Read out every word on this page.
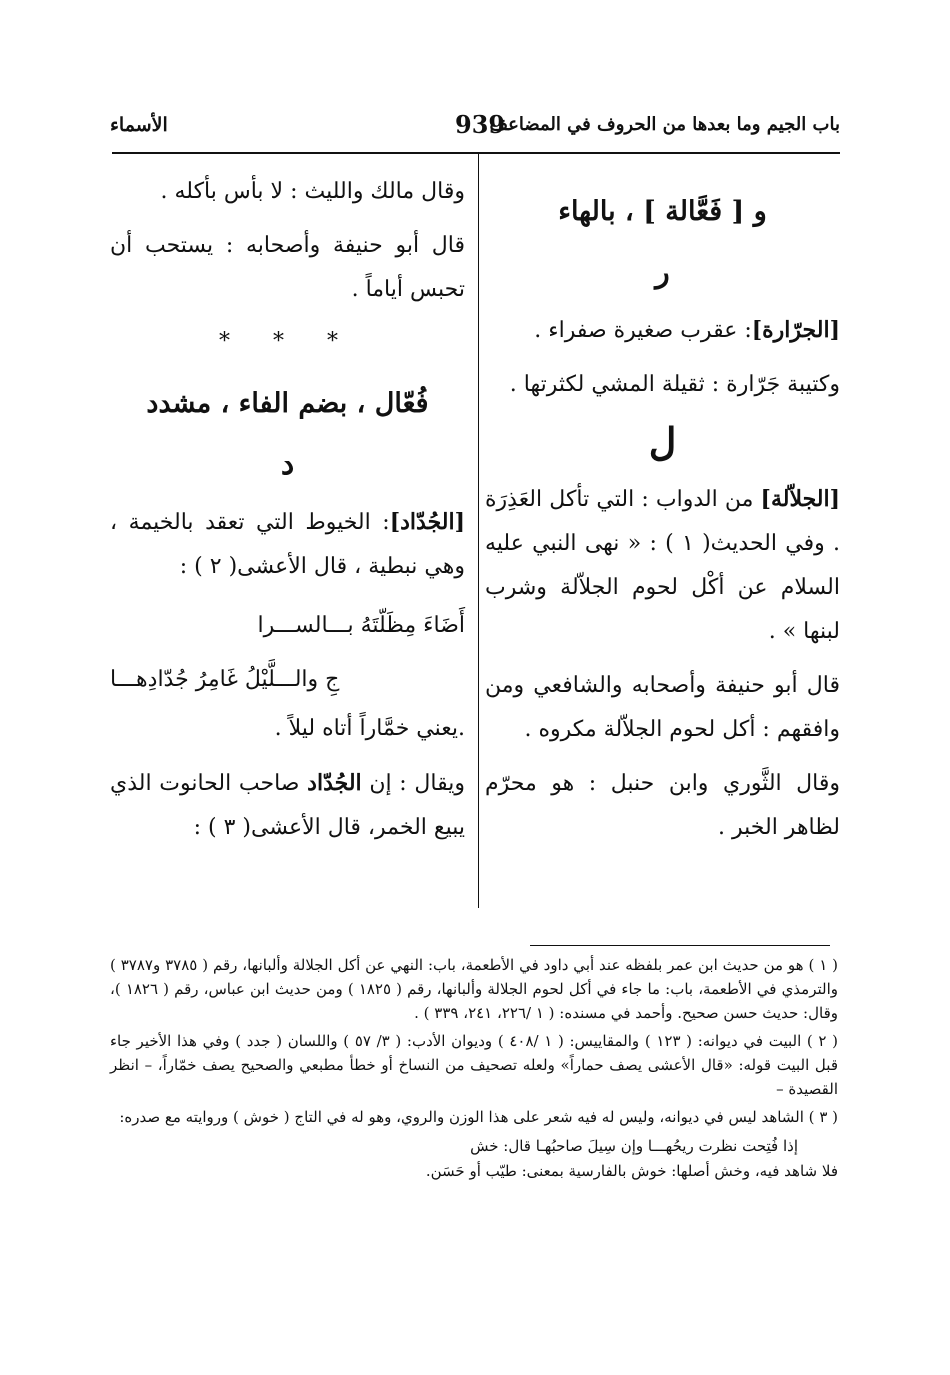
باب الجيم وما بعدها من الحروف في المضاعف
939
الأسماء
و [ فَعَّالة ] ، بالهاء
ر

[الجرّارة]: عقرب صغيرة صفراء .

وكتيبة جَرّارة : ثقيلة المشي لكثرتها .

ل

[الجلاّلة] من الدواب : التي تأكل العَذِرَة . وفي الحديث( ١ ) : « نهى النبي عليه السلام عن أكْل لحوم الجلاّلة وشرب لبنها » .

قال أبو حنيفة وأصحابه والشافعي ومن وافقهم : أكل لحوم الجلاّلة مكروه .

وقال الثَّوري وابن حنبل : هو محرّم لظاهر الخبر .

وقال مالك والليث : لا بأس بأكله .

قال أبو حنيفة وأصحابه : يستحب أن تحبس أياماً .

* * *
فُعّال ، بضم الفاء ، مشدد
د

[الجُدّاد]: الخيوط التي تعقد بالخيمة ، وهي نبطية ، قال الأعشى( ٢ ) :

أَضَاءَ مِظَلّتَهُ بـــالســـرا

جِ والـــلَّيْلُ غَامِرُ جُدّادِهـــا

.يعني خمَّاراً أتاه ليلاً .

ويقال : إن الجُدّاد صاحب الحانوت الذي يبيع الخمر، قال الأعشى( ٣ ) :

( ١ ) هو من حديث ابن عمر بلفظه عند أبي داود في الأطعمة، باب: النهي عن أكل الجلالة وألبانها، رقم ( ٣٧٨٥ و٣٧٨٧ ) والترمذي في الأطعمة، باب: ما جاء في أكل لحوم الجلالة وألبانها، رقم ( ١٨٢٥ ) ومن حديث ابن عباس، رقم ( ١٨٢٦ )، وقال: حديث حسن صحيح. وأحمد في مسنده: ( ١ /٢٢٦، ٢٤١، ٣٣٩ ) .

( ٢ ) البيت في ديوانه: ( ١٢٣ ) والمقاييس: ( ١ /٤٠٨ ) وديوان الأدب: ( ٣/ ٥٧ ) واللسان ( جدد ) وفي هذا الأخير جاء قبل البيت قوله: «قال الأعشى يصف حماراً» ولعله تصحيف من النساخ أو خطأ مطبعي والصحيح يصف خمّاراً، – انظر القصيدة –

( ٣ ) الشاهد ليس في ديوانه، وليس له فيه شعر على هذا الوزن والروي، وهو له في التاج ( خوش ) وروايته مع صدره:

إذا فُتِحت نظرت ريحُهـــا وإن سِيلَ صاحبُهـا قال: خش

فلا شاهد فيه، وخش أصلها: خوش بالفارسية بمعنى: طيّب أو حَسَن.
